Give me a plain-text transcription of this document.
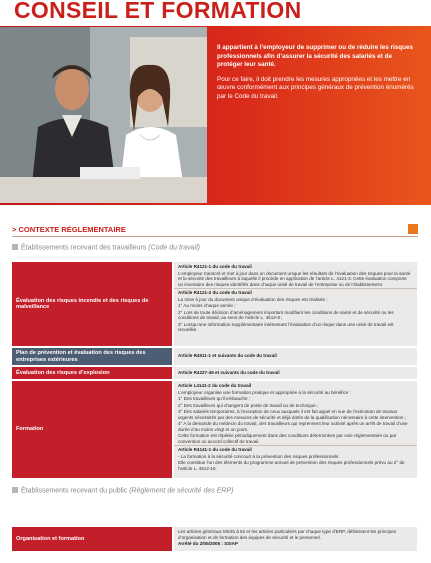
CONSEIL ET FORMATION

Il appartient à l’employeur de supprimer ou de réduire les risques professionnels afin d’assurer la sécurité des salariés et de protéger leur santé.

Pour ce faire, il doit prendre les mesures appropriées et les mettre en œuvre conformément aux principes généraux de prévention énumérés par le Code du travail.

> CONTEXTE RÉGLEMENTAIRE
Établissements recevant des travailleurs (Code du travail)
Évaluation des risques incendie et des risques de malveillance

Article R4121-1 du code du travail

L’employeur transcrit et met à jour dans un document unique les résultats de l’évaluation des risques pour la santé et la sécurité des travailleurs à laquelle il procède en application de l’article L. 4121-3. Cette évaluation comporte un inventaire des risques identifiés dans chaque unité de travail de l’entreprise ou de l’établissement.

Article R4121-2 du code du travail

La mise à jour du document unique d’évaluation des risques est réalisée :

1° Au moins chaque année ;

2° Lors de toute décision d’aménagement important modifiant les conditions de santé et de sécurité ou les conditions de travail, au sens de l’article L. 4612-8 ;

3° Lorsqu’une information supplémentaire intéressant l’évaluation d’un risque dans une unité de travail est recueillie.

Plan de prévention et évaluation des risques des entreprises extérieures

Article R4511-1 et suivants du code du travail

Évaluation des risques d’explosion	Article R4227-46 et suivants du code du travail

Formation

Article L4141-2 du code du travail

L’employeur organise une formation pratique et appropriée à la sécurité au bénéfice :

1° Des travailleurs qu’il embauche ;

2° Des travailleurs qui changent de poste de travail ou de technique ;

3° Des salariés temporaires, à l’exception de ceux auxquels il est fait appel en vue de l’exécution de travaux urgents nécessités par des mesures de sécurité et déjà dotés de la qualification nécessaire à cette intervention ;

4° A la demande du médecin du travail, des travailleurs qui reprennent leur activité après un arrêt de travail d’une durée d’au moins vingt et un jours.

Cette formation est répétée périodiquement dans des conditions déterminées par voie réglementaire ou par convention ou accord collectif de travail.

Article R4141-1 du code du travail

- La formation à la sécurité concourt à la prévention des risques professionnels.

Elle constitue l’un des éléments du programme annuel de prévention des risques professionnels prévu au 2° de l’article L. 4612-16.

Établissements recevant du public (Règlement de sécurité des ERP)
Organisation et formation

Les articles généraux MS45 à 52 et les articles particuliers par chaque type d’ERP, définissent les principes d’organisation et de formation des équipes de sécurité et le personnel.

Arrêté du 2/05/2005 : SSIAP
